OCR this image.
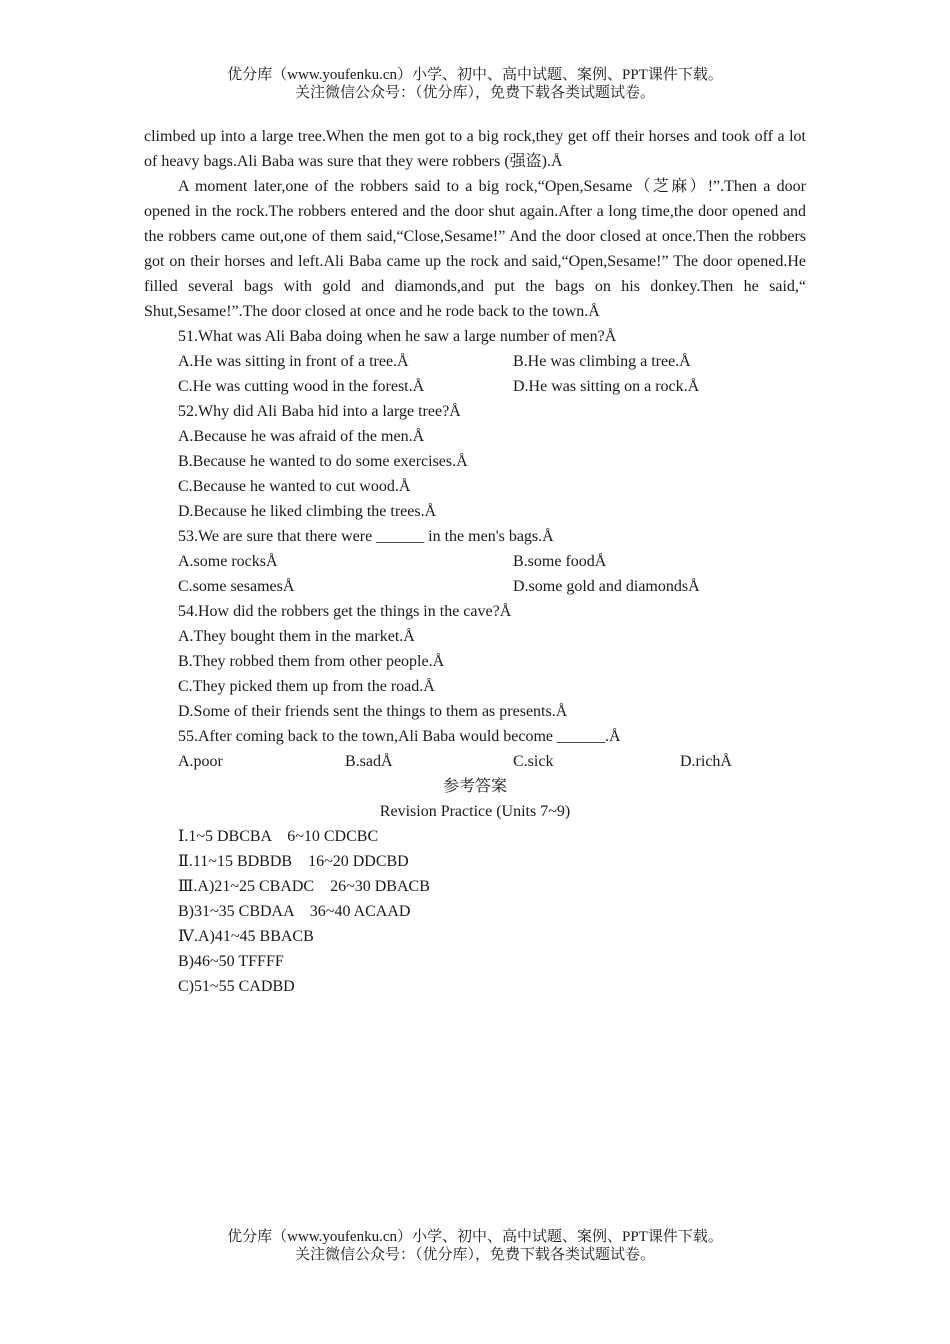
优分库（www.youfenku.cn）小学、初中、高中试题、案例、PPT课件下载。
关注微信公众号：（优分库），免费下载各类试题试卷。

climbed up into a large tree.When the men got to a big rock,they get off their horses and took off a lot of heavy bags.Ali Baba was sure that they were robbers (强盗).Å

A moment later,one of the robbers said to a big rock,“Open,Sesame（芝麻）!”.Then a door opened in the rock.The robbers entered and the door shut again.After a long time,the door opened and the robbers came out,one of them said,“Close,Sesame!” And the door closed at once.Then the robbers got on their horses and left.Ali Baba came up the rock and said,“Open,Sesame!” The door opened.He filled several bags with gold and diamonds,and put the bags on his donkey.Then he said,“ Shut,Sesame!”.The door closed at once and he rode back to the town.Å

51.What was Ali Baba doing when he saw a large number of men?Å
A.He was sitting in front of a tree.Å	B.He was climbing a tree.Å
C.He was cutting wood in the forest.Å	D.He was sitting on a rock.Å
52.Why did Ali Baba hid into a large tree?Å
A.Because he was afraid of the men.Å
B.Because he wanted to do some exercises.Å
C.Because he wanted to cut wood.Å
D.Because he liked climbing the trees.Å
53.We are sure that there were ______ in the men's bags.Å
A.some rocksÅ	B.some foodÅ
C.some sesamesÅ	D.some gold and diamondsÅ
54.How did the robbers get the things in the cave?Å
A.They bought them in the market.Å
B.They robbed them from other people.Å
C.They picked them up from the road.Å
D.Some of their friends sent the things to them as presents.Å
55.After coming back to the town,Ali Baba would become ______.Å
A.poor	B.sadÅ	C.sick	D.richÅ
参考答案
Revision Practice (Units 7~9)
Ⅰ.1~5 DBCBA　6~10 CDCBC
Ⅱ.11~15 BDBDB　16~20 DDCBD
Ⅲ.A)21~25 CBADC　26~30 DBACB
B)31~35 CBDAA　36~40 ACAAD
Ⅳ.A)41~45 BBACB
B)46~50 TFFFF
C)51~55 CADBD
优分库（www.youfenku.cn）小学、初中、高中试题、案例、PPT课件下载。
关注微信公众号：（优分库），免费下载各类试题试卷。
